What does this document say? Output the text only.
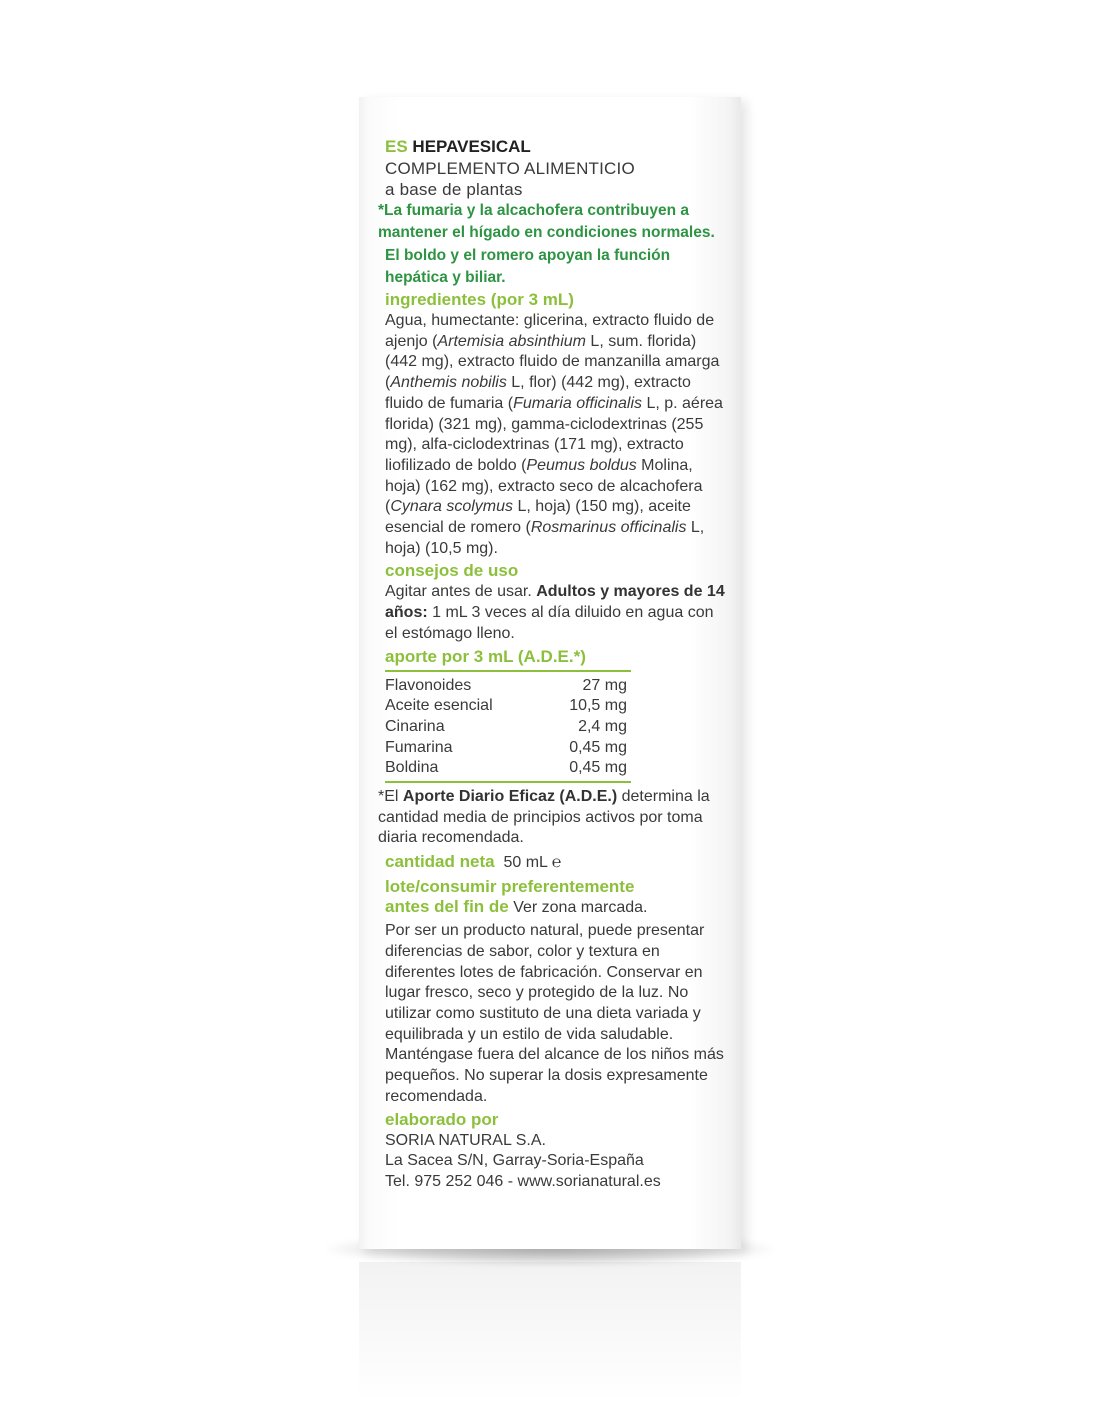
ES HEPAVESICAL
COMPLEMENTO ALIMENTICIO
a base de plantas
*La fumaria y la alcachofera contribuyen a mantener el hígado en condiciones normales.
El boldo y el romero apoyan la función hepática y biliar.
ingredientes (por 3 mL)

Agua, humectante: glicerina, extracto fluido de ajenjo (Artemisia absinthium L, sum. florida) (442 mg), extracto fluido de manzanilla amarga (Anthemis nobilis L, flor) (442 mg), extracto fluido de fumaria (Fumaria officinalis L, p. aérea florida) (321 mg), gamma-ciclodextrinas (255 mg), alfa-ciclodextrinas (171 mg), extracto liofilizado de boldo (Peumus boldus Molina, hoja) (162 mg), extracto seco de alcachofera (Cynara scolymus L, hoja) (150 mg), aceite esencial de romero (Rosmarinus officinalis L, hoja) (10,5 mg).

consejos de uso

Agitar antes de usar. Adultos y mayores de 14 años: 1 mL 3 veces al día diluido en agua con el estómago lleno.

aporte por 3 mL (A.D.E.*)
Flavonoides	27 mg
Aceite esencial	10,5 mg
Cinarina	2,4 mg
Fumarina	0,45 mg
Boldina	0,45 mg

*El Aporte Diario Eficaz (A.D.E.) determina la cantidad media de principios activos por toma diaria recomendada.

cantidad neta 50 mL ℮
lote/consumir preferentemente
antes del fin de Ver zona marcada.

Por ser un producto natural, puede presentar diferencias de sabor, color y textura en diferentes lotes de fabricación. Conservar en lugar fresco, seco y protegido de la luz. No utilizar como sustituto de una dieta variada y equilibrada y un estilo de vida saludable. Manténgase fuera del alcance de los niños más pequeños. No superar la dosis expresamente recomendada.

elaborado por
SORIA NATURAL S.A.
La Sacea S/N, Garray-Soria-España
Tel. 975 252 046 - www.sorianatural.es
